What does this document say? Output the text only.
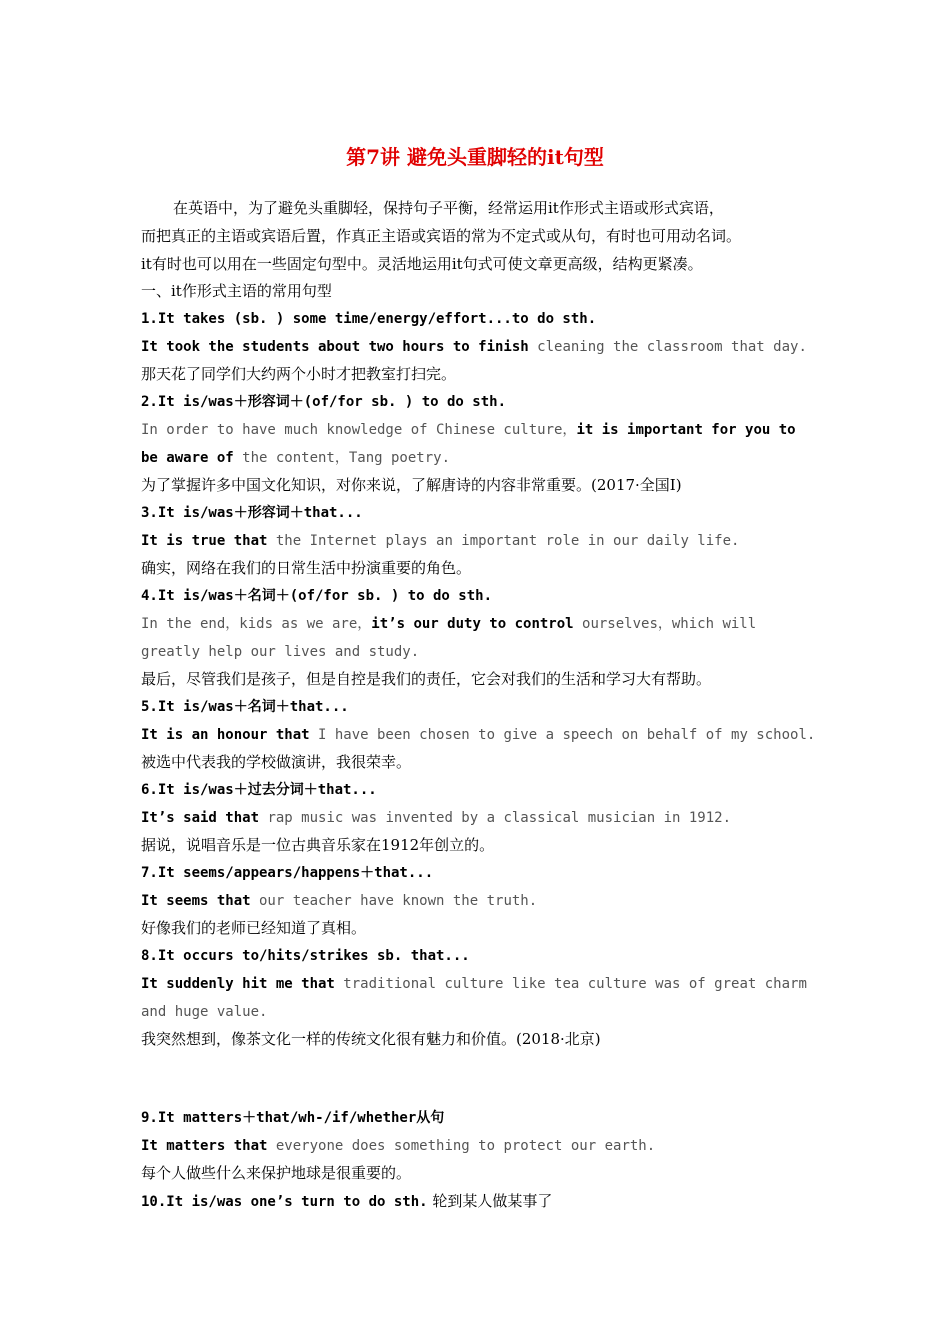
第7讲 避免头重脚轻的it句型
在英语中，为了避免头重脚轻，保持句子平衡，经常运用it作形式主语或形式宾语，
而把真正的主语或宾语后置，作真正主语或宾语的常为不定式或从句，有时也可用动名词。
it有时也可以用在一些固定句型中。灵活地运用it句式可使文章更高级，结构更紧凑。
一、it作形式主语的常用句型
1.It takes (sb. ) some time/energy/effort...to do sth.
It took the students about two hours to finish cleaning the classroom that day.
那天花了同学们大约两个小时才把教室打扫完。
2.It is/was＋形容词＋(of/for sb. ) to do sth.
In order to have much knowledge of Chinese culture，it is important for you to
be aware of the content，Tang poetry.
为了掌握许多中国文化知识，对你来说，了解唐诗的内容非常重要。(2017·全国Ⅰ)
3.It is/was＋形容词＋that...
It is true that the Internet plays an important role in our daily life.
确实，网络在我们的日常生活中扮演重要的角色。
4.It is/was＋名词＋(of/for sb. ) to do sth.
In the end，kids as we are，it’s our duty to control ourselves，which will
greatly help our lives and study.
最后，尽管我们是孩子，但是自控是我们的责任，它会对我们的生活和学习大有帮助。
5.It is/was＋名词＋that...
It is an honour that I have been chosen to give a speech on behalf of my school.
被选中代表我的学校做演讲，我很荣幸。
6.It is/was＋过去分词＋that...
It’s said that rap music was invented by a classical musician in 1912.
据说，说唱音乐是一位古典音乐家在1912年创立的。
7.It seems/appears/happens＋that...
It seems that our teacher have known the truth.
好像我们的老师已经知道了真相。
8.It occurs to/hits/strikes sb. that...
It suddenly hit me that traditional culture like tea culture was of great charm
and huge value.
我突然想到，像茶文化一样的传统文化很有魅力和价值。(2018·北京)
9.It matters＋that/wh-/if/whether从句
It matters that everyone does something to protect our earth.
每个人做些什么来保护地球是很重要的。
10.It is/was one’s turn to do sth. 轮到某人做某事了
